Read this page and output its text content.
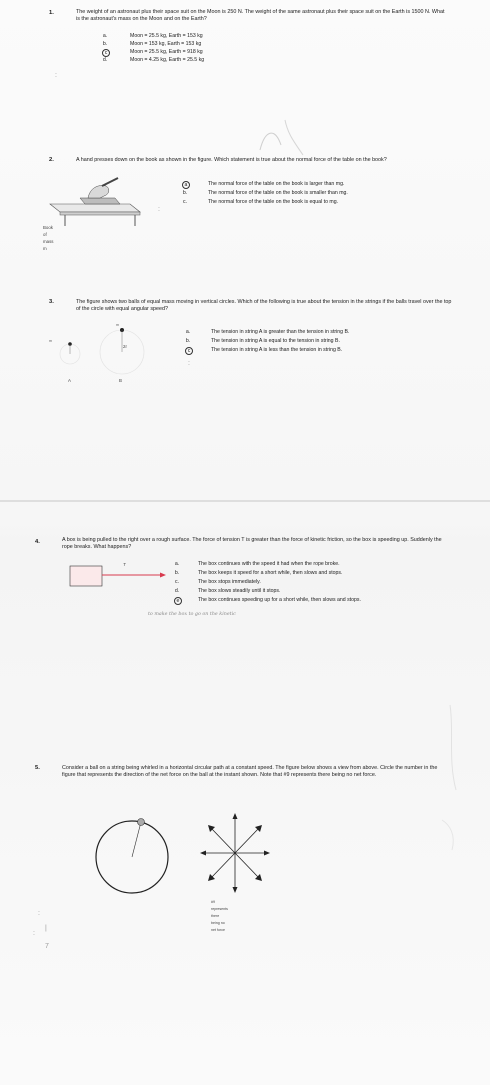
1.	The weight of an astronaut plus their space suit on the Moon is 250 N. The weight of the same astronaut plus their space suit on the Earth is 1500 N. What is the astronaut's mass on the Moon and on the Earth?
a.	Moon = 25.5 kg, Earth = 153 kg
b.	Moon = 153 kg, Earth = 153 kg
c	Moon = 25.5 kg, Earth = 918 kg
d.	Moon = 4.25 kg, Earth = 25.5 kg
:
2.	A hand presses down on the book as shown in the figure. Which statement is true about the normal force of the table on the book?
Book of mass m
a	The normal force of the table on the book is larger than mg.
b.	The normal force of the table on the book is smaller than mg.
c.	The normal force of the table on the book is equal to mg.
:
3.	The figure shows two balls of equal mass moving in vertical circles. Which of the following is true about the tension in the strings if the balls travel over the top of the circle with equal angular speed?
m
m
2r
A	B
a.	The tension in string A is greater than the tension in string B.
b.	The tension in string A is equal to the tension in string B.
c	The tension in string A is less than the tension in string B.
:
4.	A box is being pulled to the right over a rough surface. The force of tension T is greater than the force of kinetic friction, so the box is speeding up. Suddenly the rope breaks. What happens?
T	a.	The box continues with the speed it had when the rope broke.
b.	The box keeps it speed for a short while, then slows and stops.
c.	The box stops immediately.
d.	The box slows steadily until it stops.
e	The box continues speeding up for a short while, then slows and stops.
to make the box to go on the kinetic
5.	Consider a ball on a string being whirled in a horizontal circular path at a constant speed. The figure below shows a view from above. Circle the number in the figure that represents the direction of the net force on the ball at the instant shown. Note that #9 represents there being no net force.
#9 represents there being no net force
:
|
7
:
